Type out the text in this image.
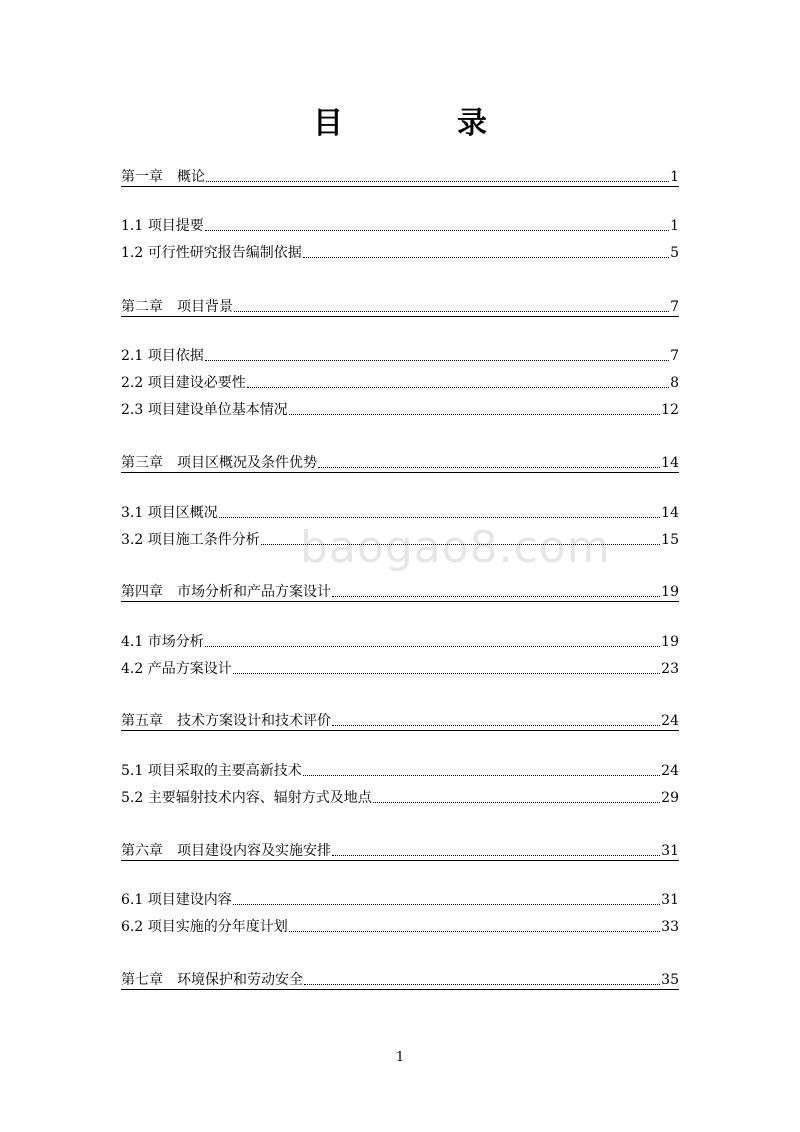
目　录
baogao8.com
第一章　概论	1
1.1 项目提要	1
1.2 可行性研究报告编制依据	5
第二章　项目背景	7
2.1 项目依据	7
2.2 项目建设必要性	8
2.3 项目建设单位基本情况	12
第三章　项目区概况及条件优势	14
3.1 项目区概况	14
3.2 项目施工条件分析	15
第四章　市场分析和产品方案设计	19
4.1 市场分析	19
4.2 产品方案设计	23
第五章　技术方案设计和技术评价	24
5.1 项目采取的主要高新技术	24
5.2 主要辐射技术内容、辐射方式及地点	29
第六章　项目建设内容及实施安排	31
6.1 项目建设内容	31
6.2 项目实施的分年度计划	33
第七章　环境保护和劳动安全	35
1
